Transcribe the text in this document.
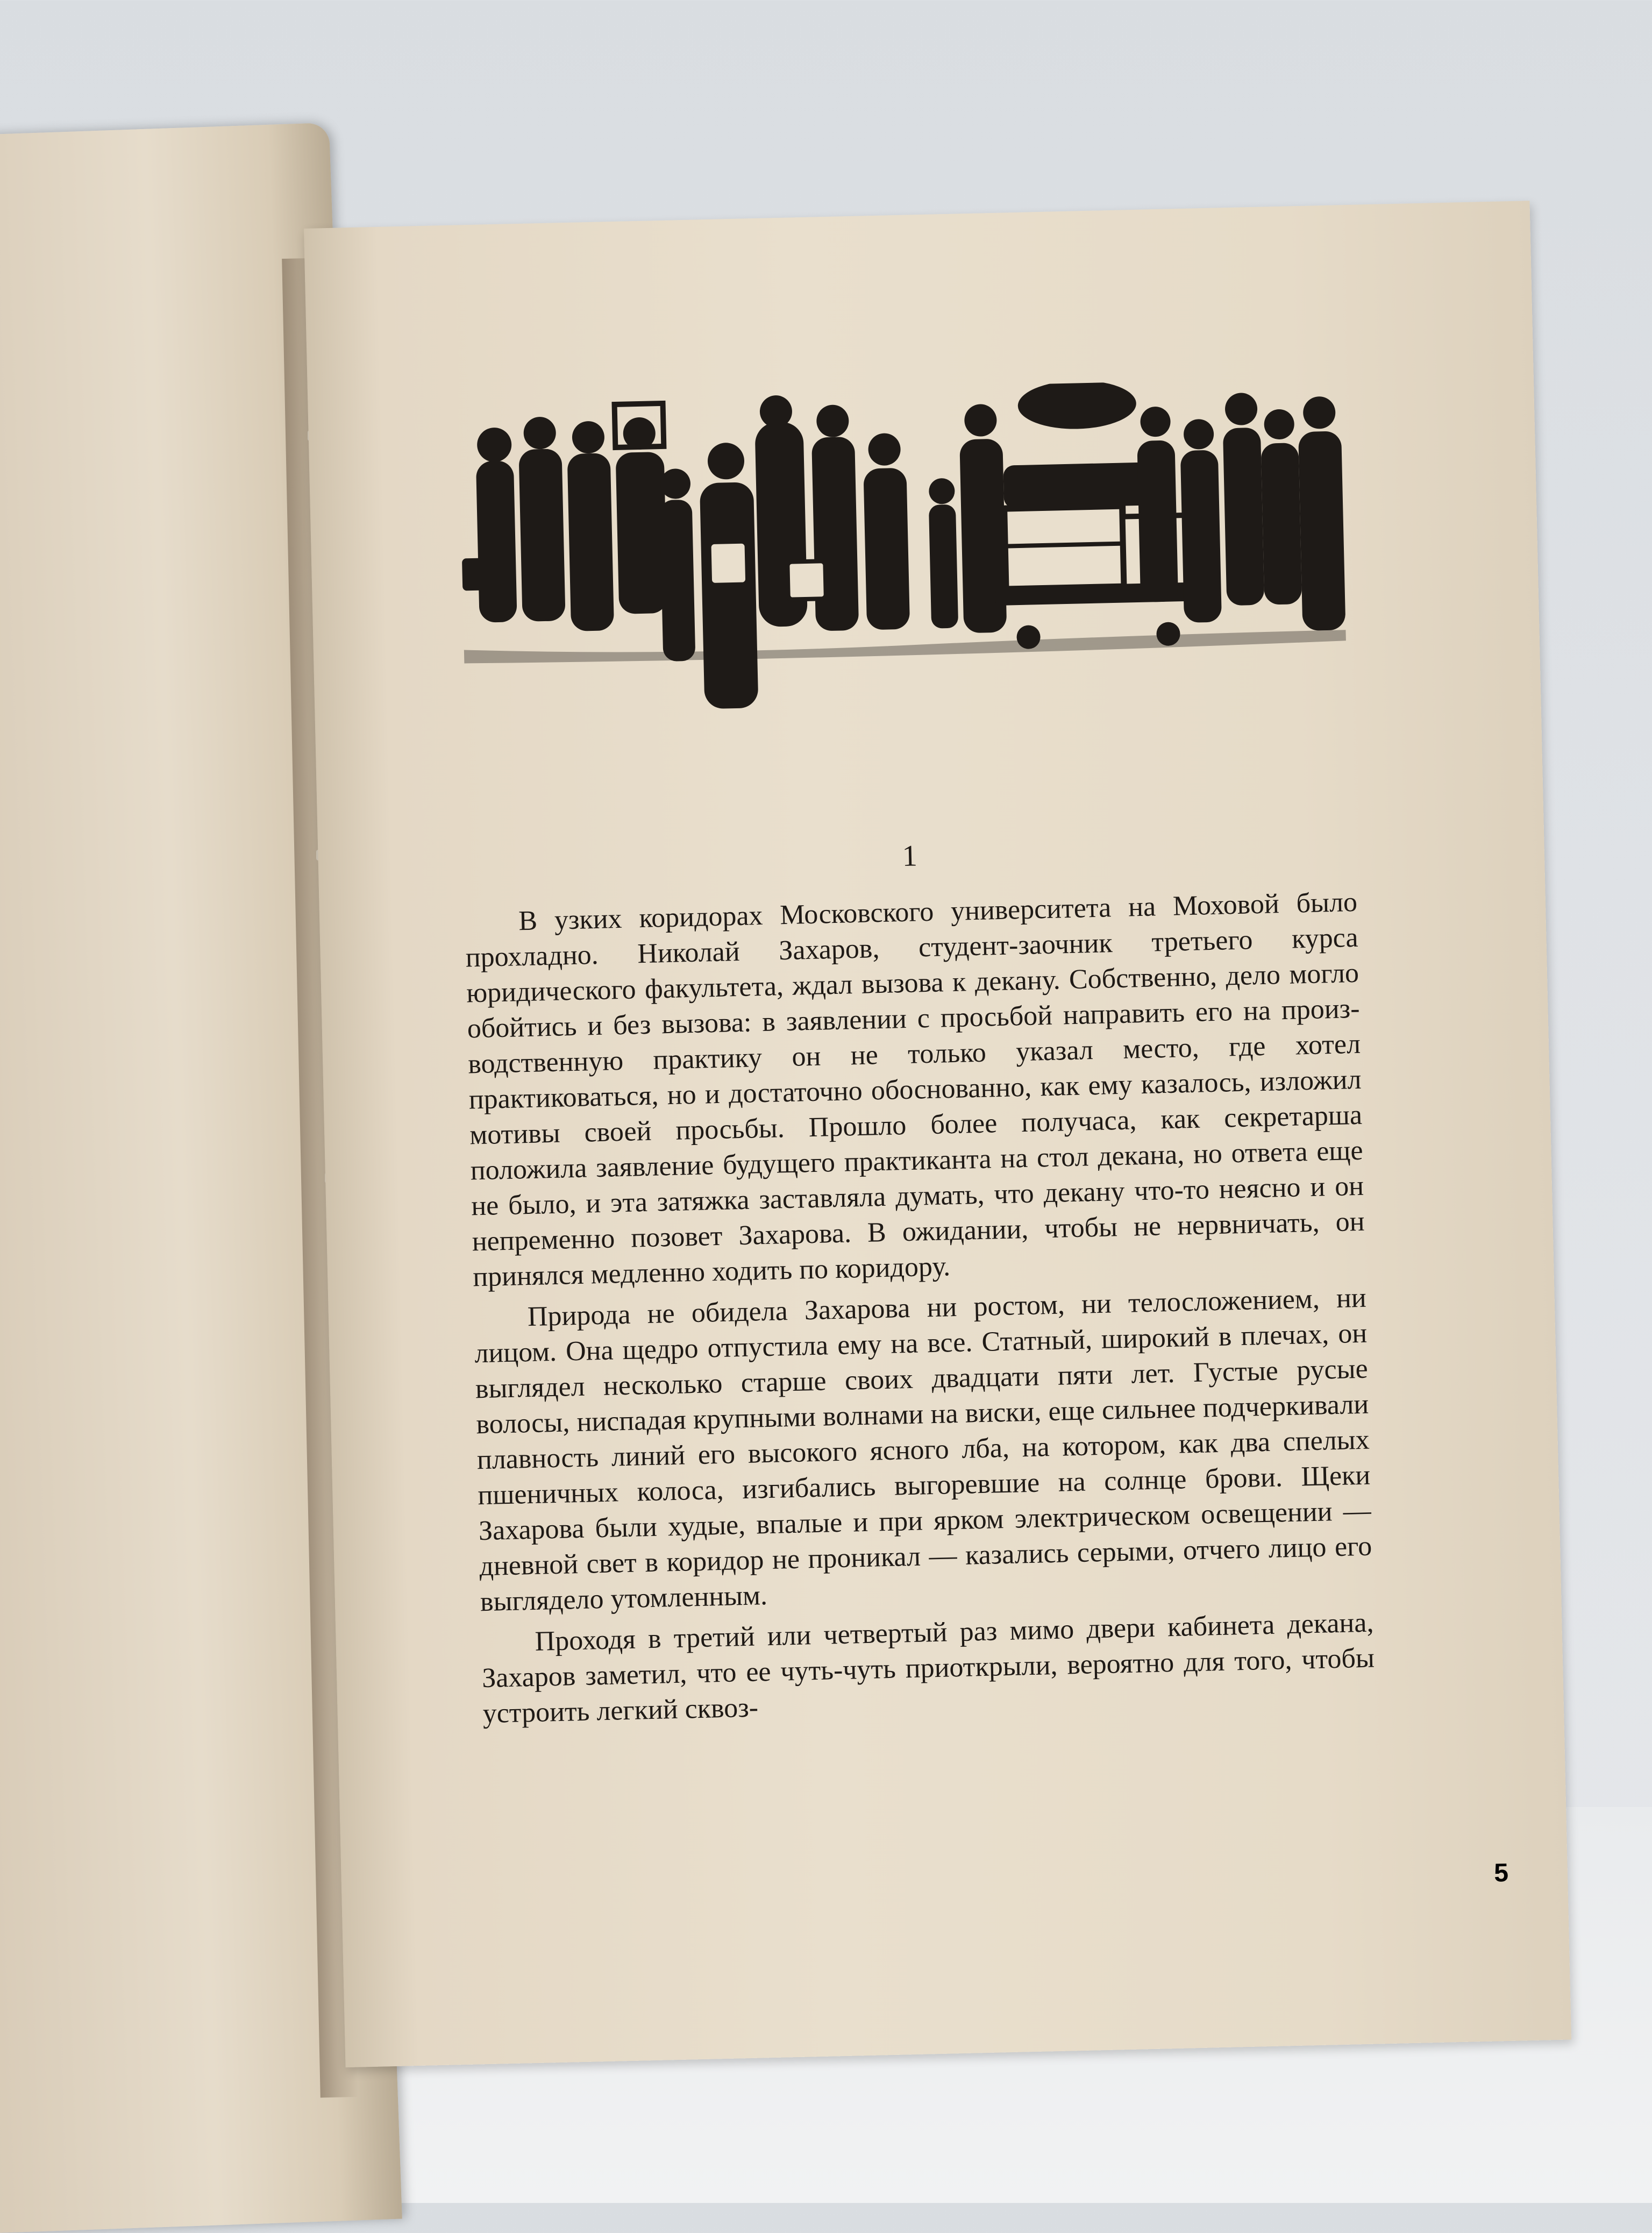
1

В узких коридорах Московского университета на Моховой было прохладно. Николай Захаров, студент-заочник третьего курса юридического факультета, ждал вызова к декану. Собственно, дело могло обойтись и без вызова: в заявлении с просьбой направить его на производственную практику он не только указал место, где хотел практиковаться, но и достаточно обоснованно, как ему казалось, изложил мотивы своей просьбы. Прошло более получаса, как секретарша положила заявление будущего практиканта на стол декана, но ответа еще не было, и эта затяжка заставляла думать, что декану что-то неясно и он непременно позовет Захарова. В ожидании, чтобы не нервничать, он принялся медленно ходить по коридору.

Природа не обидела Захарова ни ростом, ни телосложением, ни лицом. Она щедро отпустила ему на все. Статный, широкий в плечах, он выглядел несколько старше своих двадцати пяти лет. Густые русые волосы, ниспадая крупными волнами на виски, еще сильнее подчеркивали плавность линий его высокого ясного лба, на котором, как два спелых пшеничных колоса, изгибались выгоревшие на солнце брови. Щеки Захарова были худые, впалые и при ярком электрическом освещении — дневной свет в коридор не проникал — казались серыми, отчего лицо его выглядело утомленным.

Проходя в третий или четвертый раз мимо двери кабинета декана, Захаров заметил, что ее чуть-чуть приоткрыли, вероятно для того, чтобы устроить легкий сквоз-

5
